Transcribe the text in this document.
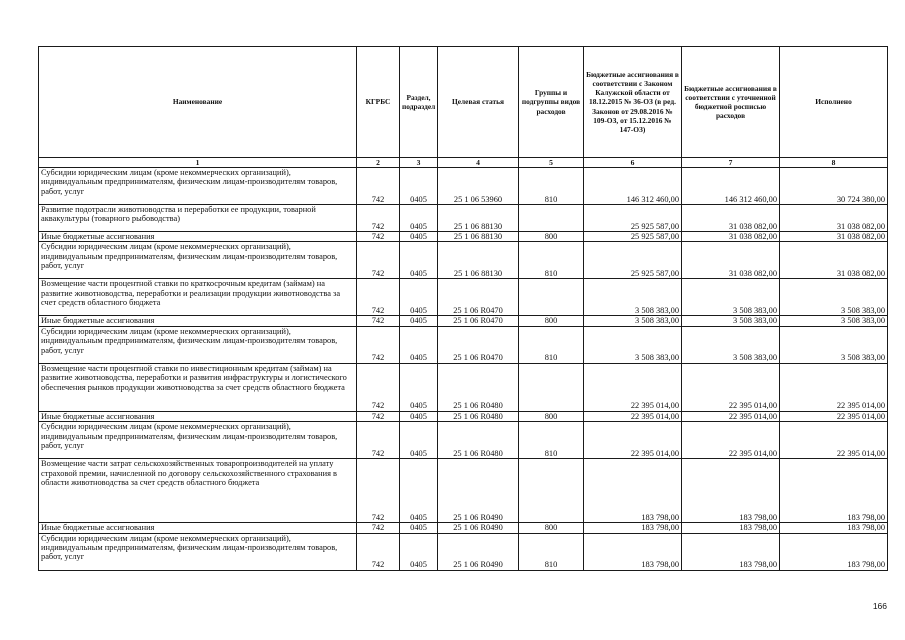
Наименование	КГРБС	Раздел, подраздел	Целевая статья	Группы и подгруппы видов расходов	Бюджетные ассигнования в соответствии с Законом Калужской области от 18.12.2015 № 36-ОЗ (в ред. Законов от 29.08.2016 № 109-ОЗ, от 15.12.2016 № 147-ОЗ)	Бюджетные ассигнования в соответствии с уточненной бюджетной росписью расходов	Исполнено
1	2	3	4	5	6	7	8
Субсидии юридическим лицам (кроме некоммерческих организаций), индивидуальным предпринимателям, физическим лицам-производителям товаров, работ, услуг	742	0405	25 1 06 53960	810	146 312 460,00	146 312 460,00	30 724 380,00
Развитие подотрасли животноводства и переработки ее продукции, товарной аквакультуры (товарного рыбоводства)	742	0405	25 1 06 88130		25 925 587,00	31 038 082,00	31 038 082,00
Иные бюджетные ассигнования	742	0405	25 1 06 88130	800	25 925 587,00	31 038 082,00	31 038 082,00
Субсидии юридическим лицам (кроме некоммерческих организаций), индивидуальным предпринимателям, физическим лицам-производителям товаров, работ, услуг	742	0405	25 1 06 88130	810	25 925 587,00	31 038 082,00	31 038 082,00
Возмещение части процентной ставки по краткосрочным кредитам (займам) на развитие животноводства, переработки и реализации продукции животноводства за счет средств областного бюджета	742	0405	25 1 06 R0470		3 508 383,00	3 508 383,00	3 508 383,00
Иные бюджетные ассигнования	742	0405	25 1 06 R0470	800	3 508 383,00	3 508 383,00	3 508 383,00
Субсидии юридическим лицам (кроме некоммерческих организаций), индивидуальным предпринимателям, физическим лицам-производителям товаров, работ, услуг	742	0405	25 1 06 R0470	810	3 508 383,00	3 508 383,00	3 508 383,00
Возмещение части процентной ставки по инвестиционным кредитам (займам) на развитие животноводства, переработки и развития инфраструктуры и логистического обеспечения рынков продукции животноводства за счет средств областного бюджета	742	0405	25 1 06 R0480		22 395 014,00	22 395 014,00	22 395 014,00
Иные бюджетные ассигнования	742	0405	25 1 06 R0480	800	22 395 014,00	22 395 014,00	22 395 014,00
Субсидии юридическим лицам (кроме некоммерческих организаций), индивидуальным предпринимателям, физическим лицам-производителям товаров, работ, услуг	742	0405	25 1 06 R0480	810	22 395 014,00	22 395 014,00	22 395 014,00
Возмещение части затрат сельскохозяйственных товаропроизводителей на уплату страховой премии, начисленной по договору сельскохозяйственного страхования в области животноводства за счет средств областного бюджета	742	0405	25 1 06 R0490		183 798,00	183 798,00	183 798,00
Иные бюджетные ассигнования	742	0405	25 1 06 R0490	800	183 798,00	183 798,00	183 798,00
Субсидии юридическим лицам (кроме некоммерческих организаций), индивидуальным предпринимателям, физическим лицам-производителям товаров, работ, услуг	742	0405	25 1 06 R0490	810	183 798,00	183 798,00	183 798,00
166
